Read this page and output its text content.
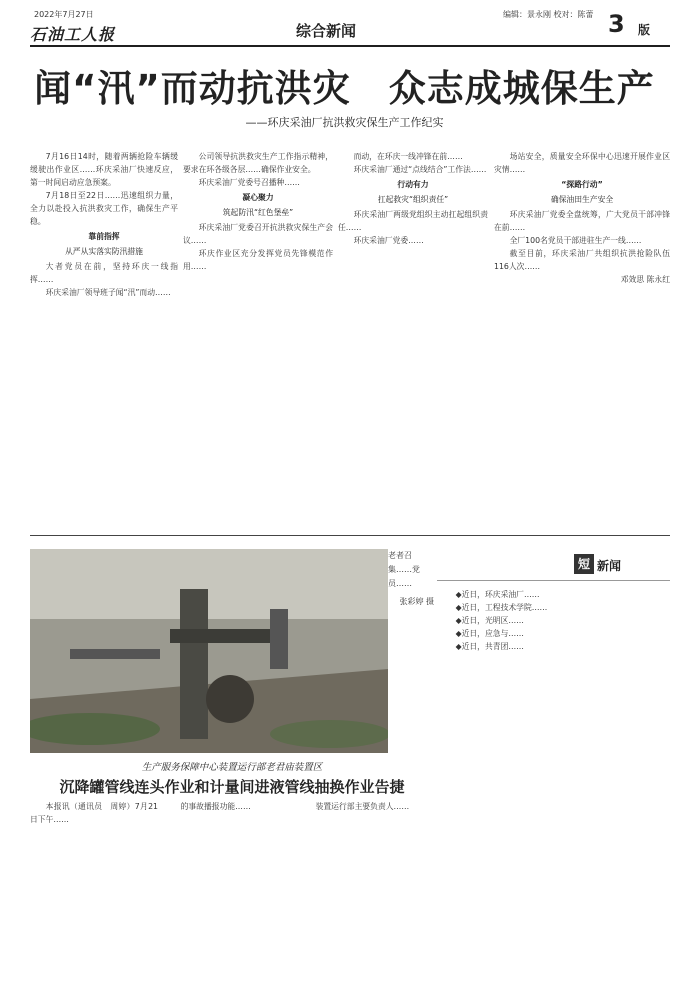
2022年7月27日
石油工人报	综合新闻
编辑：景永刚 校对：陈蕾 3 版
闻“汛”而动抗洪灾　众志成城保生产
——环庆采油厂抗洪救灾保生产工作纪实

7月16日14时，随着两辆抢险车辆缓缓驶出作业区……环庆采油厂快速反应，第一时间启动应急预案。

7月18日至22日……迅速组织力量，全力以赴投入抗洪救灾工作，确保生产平稳。

靠前指挥
从严从实落实防汛措施

大者党员在前，坚持环庆一线指挥……

环庆采油厂领导班子闻“汛”而动……

公司领导抗洪救灾生产工作指示精神，要求在环各级各层……确保作业安全。

环庆采油厂党委号召播种……

凝心聚力
筑起防汛“红色堡垒”

环庆采油厂党委召开抗洪救灾保生产会议……

环庆作业区充分发挥党员先锋模范作用……

而动，在环庆一线冲锋在前……

环庆采油厂通过“点线结合”工作法……

行动有力
扛起救灾“组织责任”

环庆采油厂两级党组织主动扛起组织责任……

环庆采油厂党委……

场站安全，质量安全环保中心迅速开展作业区灾情……

“探路行动”
确保油田生产安全

环庆采油厂党委全盘统筹，广大党员干部冲锋在前……

全厂100名党员干部进驻生产一线……

截至目前，环庆采油厂共组织抗洪抢险队伍116人次……

邓效思 陈永红

老者召集……党员……
张彩婷 摄
短 新闻

◆近日，环庆采油厂……

◆近日，工程技术学院……

◆近日，光明区……

◆近日，应急与……

◆近日，共青团……

生产服务保障中心装置运行部老君庙装置区
沉降罐管线连头作业和计量间进液管线抽换作业告捷

本报讯（通讯员　周婷）7月21日下午……

的事故播报功能……	装置运行部主要负责人……
